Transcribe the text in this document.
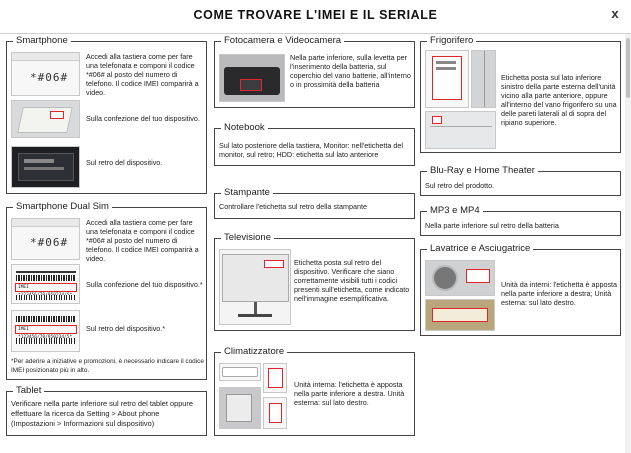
COME TROVARE L'IMEI E IL SERIALE	x
Smartphone
*#06#
Accedi alla tastiera come per fare una telefonata e componi il codice *#06# al posto del numero di telefono. Il codice IMEI comparirà a video.
Sulla confezione del tuo dispositivo.
Sul retro del dispositivo.
Smartphone Dual Sim
*#06#
Accedi alla tastiera come per fare una telefonata e componi il codice *#06# al posto del numero di telefono. Il codice IMEI comparirà a video.
IMEI	Sulla confezione del tuo dispositivo.*
IMEI	Sul retro del dispositivo.*
*Per aderire a iniziative e promozioni, è necessario indicare il codice IMEI posizionato più in alto.
Tablet
Verificare nella parte inferiore sul retro del tablet oppure effettuare la ricerca da Setting > About phone (Impostazioni > Informazioni sul dispositivo)
Fotocamera e Videocamera
Nella parte inferiore, sulla levetta per l'inserimento della batteria, sul coperchio del vano batterie, all'interno o in prossimità della batteria
Notebook
Sul lato posteriore della tastiera, Monitor: nell'etichetta del monitor, sul retro; HDD: etichetta sul lato anteriore
Stampante
Controllare l'etichetta sul retro della stampante
Televisione
Etichetta posta sul retro del dispositivo. Verificare che siano correttamente visibili tutti i codici presenti sull'etichetta, come indicato nell'immagine esemplificativa.
Climatizzatore
Unità interna: l'etichetta è apposta nella parte inferiore a destra. Unità esterna: sul lato destro.
Frigorifero
Etichetta posta sul lato inferiore sinistro della parte esterna dell'unità vicino alla parte anteriore, oppure all'interno del vano frigorifero su una delle pareti laterali al di sopra del ripiano superiore.
Blu-Ray e Home Theater
Sul retro del prodotto.
MP3 e MP4
Nella parte inferiore sul retro della batteria
Lavatrice e Asciugatrice
Unità da interni: l'etichetta è apposta nella parte inferiore a destra; Unità esterna: sul lato destro.
